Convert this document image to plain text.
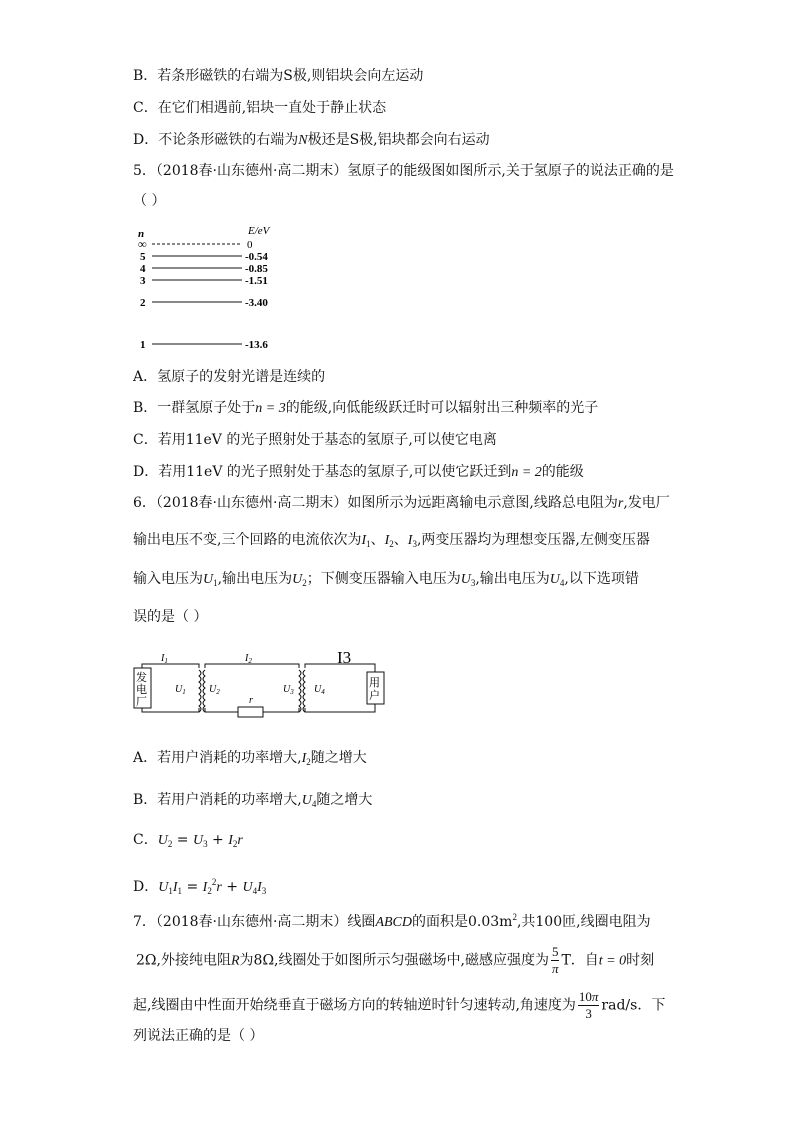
B．若条形磁铁的右端为S极,则铝块会向左运动
C．在它们相遇前,铝块一直处于静止状态
D．不论条形磁铁的右端为N极还是S极,铝块都会向右运动
5．（2018春·山东德州·高二期末）氢原子的能级图如图所示,关于氢原子的说法正确的是
（ ）
n	E/eV
∞	0
5	-0.54
4	-0.85
3	-1.51
2	-3.40
1	-13.6
A．氢原子的发射光谱是连续的
B．一群氢原子处于n = 3的能级,向低能级跃迁时可以辐射出三种频率的光子
C．若用11eV 的光子照射处于基态的氢原子,可以使它电离
D．若用11eV 的光子照射处于基态的氢原子,可以使它跃迁到n = 2的能级
6．（2018春·山东德州·高二期末）如图所示为远距离输电示意图,线路总电阻为r,发电厂
输出电压不变,三个回路的电流依次为$I_1$、$I_2$、$I_3$,两变压器均为理想变压器,左侧变压器
输入电压为$U_1$,输出电压为$U_2$；下侧变压器输入电压为$U_3$,输出电压为$U_4$,以下选项错
误的是（ ）
发
电
厂
$I_1$
$U_1$
r
$I_2$
$U_2$	$U_3$
I3
$U_4$
用
户
A．若用户消耗的功率增大$,I_2$随之增大
B．若用户消耗的功率增大$,U_4$随之增大
C．$U_2 = U_3 + I_2r$
D．$U_1I_1 = I_2^2r + U_4I_3$
7．（2018春·山东德州·高二期末）线圈ABCD的面积是$0.03m^2$,共100匝,线圈电阻为
2Ω,外接纯电阻R为8Ω,线圈处于如图所示匀强磁场中,磁感应强度为 $\frac{5}{\pi}$ T．自t = 0时刻
起,线圈由中性面开始绕垂直于磁场方向的转轴逆时针匀速转动,角速度为 $\frac{10\pi}{3} rad/s$．下
列说法正确的是（ ）
